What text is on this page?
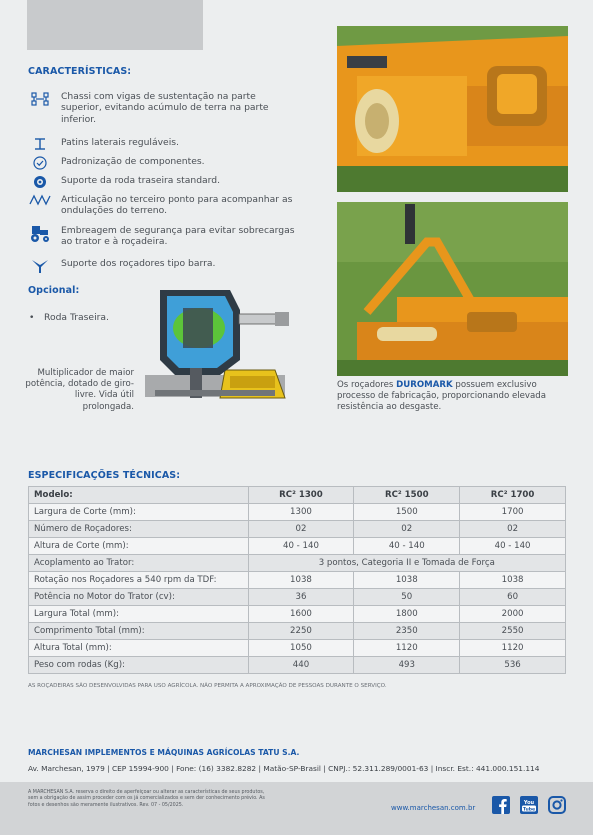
CARACTERÍSTICAS:
Chassi com vigas de sustentação na parte superior, evitando acúmulo de terra na parte inferior.
Patins laterais reguláveis.
Padronização de componentes.
Suporte da roda traseira standard.
Articulação no terceiro ponto para acompanhar as ondulações do terreno.
Embreagem de segurança para evitar sobrecargas ao trator e à roçadeira.
Suporte dos roçadores tipo barra.
Opcional:
• Roda Traseira.
Multiplicador de maior potência, dotado de giro-livre. Vida útil prolongada.
Os roçadores DUROMARK possuem exclusivo processo de fabricação, proporcionando elevada resistência ao desgaste.
ESPECIFICAÇÕES TÉCNICAS:
Modelo:	RC² 1300	RC² 1500	RC² 1700
Largura de Corte (mm):	1300	1500	1700
Número de Roçadores:	02	02	02
Altura de Corte (mm):	40 - 140	40 - 140	40 - 140
Acoplamento ao Trator:	3 pontos, Categoria II e Tomada de Força		
Rotação nos Roçadores a 540 rpm da TDF:	1038	1038	1038
Potência no Motor do Trator (cv):	36	50	60
Largura Total (mm):	1600	1800	2000
Comprimento Total (mm):	2250	2350	2550
Altura Total (mm):	1050	1120	1120
Peso com rodas (Kg):	440	493	536
AS ROÇADEIRAS SÃO DESENVOLVIDAS PARA USO AGRÍCOLA. NÃO PERMITA A APROXIMAÇÃO DE PESSOAS DURANTE O SERVIÇO.
MARCHESAN IMPLEMENTOS E MÁQUINAS AGRÍCOLAS TATU S.A.
Av. Marchesan, 1979 | CEP 15994-900 | Fone: (16) 3382.8282 | Matão-SP-Brasil | CNPJ.: 52.311.289/0001-63 | Inscr. Est.: 441.000.151.114
A MARCHESAN S.A. reserva o direito de aperfeiçoar ou alterar as características de seus produtos, sem a obrigação de assim proceder com os já comercializados e sem der conhecimento prévio. As fotos e desenhos são meramente ilustrativos. Rev. 07 - 05/2025.	www.marchesan.com.br
You
Tube
